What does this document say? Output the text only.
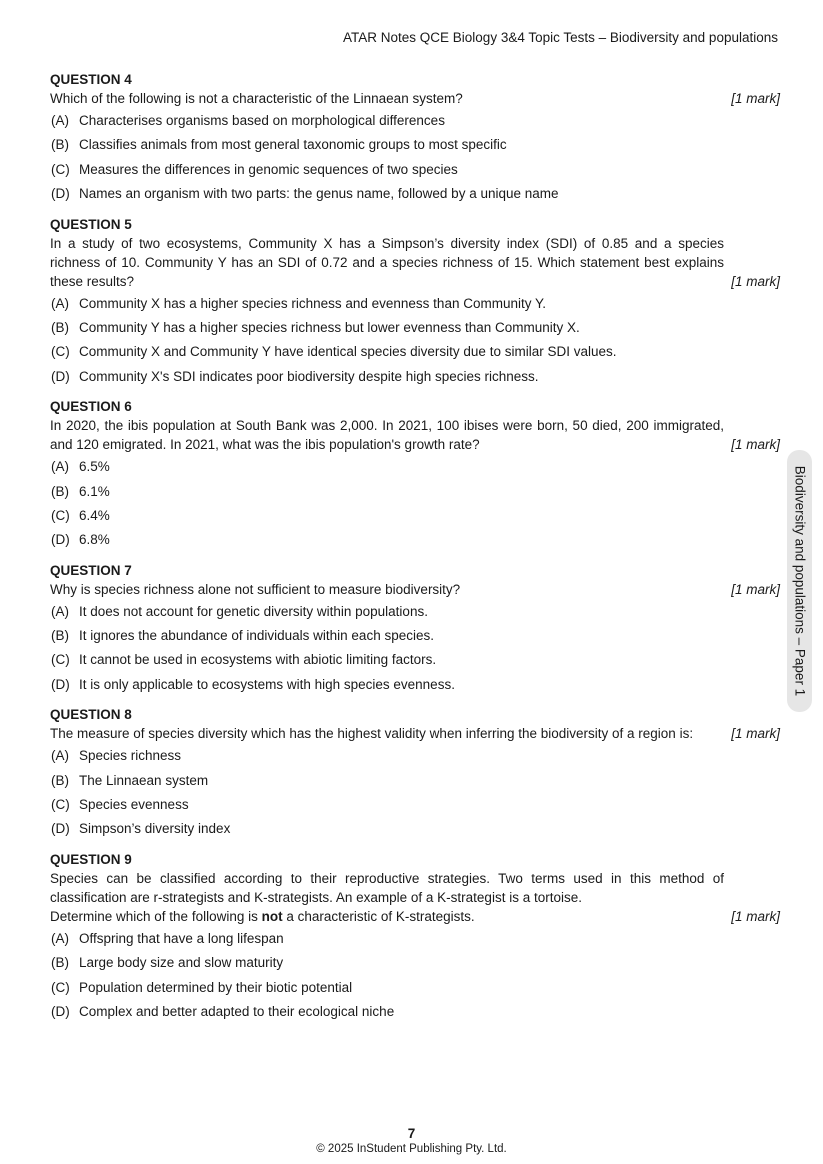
ATAR Notes QCE Biology 3&4 Topic Tests – Biodiversity and populations
QUESTION 4

Which of the following is not a characteristic of the Linnaean system?	[1 mark]
(A) Characterises organisms based on morphological differences
(B) Classifies animals from most general taxonomic groups to most specific
(C) Measures the differences in genomic sequences of two species
(D) Names an organism with two parts: the genus name, followed by a unique name
QUESTION 5

In a study of two ecosystems, Community X has a Simpson’s diversity index (SDI) of 0.85 and a species richness of 10. Community Y has an SDI of 0.72 and a species richness of 15. Which statement best explains these results?	[1 mark]
(A) Community X has a higher species richness and evenness than Community Y.
(B) Community Y has a higher species richness but lower evenness than Community X.
(C) Community X and Community Y have identical species diversity due to similar SDI values.
(D) Community X's SDI indicates poor biodiversity despite high species richness.
QUESTION 6

In 2020, the ibis population at South Bank was 2,000. In 2021, 100 ibises were born, 50 died, 200 immigrated, and 120 emigrated. In 2021, what was the ibis population's growth rate?	[1 mark]
(A) 6.5%
(B) 6.1%
(C) 6.4%
(D) 6.8%
QUESTION 7

Why is species richness alone not sufficient to measure biodiversity?	[1 mark]
(A) It does not account for genetic diversity within populations.
(B) It ignores the abundance of individuals within each species.
(C) It cannot be used in ecosystems with abiotic limiting factors.
(D) It is only applicable to ecosystems with high species evenness.
QUESTION 8

The measure of species diversity which has the highest validity when inferring the biodiversity of a region is:	[1 mark]
(A) Species richness
(B) The Linnaean system
(C) Species evenness
(D) Simpson’s diversity index
QUESTION 9

Species can be classified according to their reproductive strategies. Two terms used in this method of classification are r-strategists and K-strategists. An example of a K-strategist is a tortoise.

Determine which of the following is not a characteristic of K-strategists.	[1 mark]
(A) Offspring that have a long lifespan
(B) Large body size and slow maturity
(C) Population determined by their biotic potential
(D) Complex and better adapted to their ecological niche
Biodiversity and populations – Paper 1
7
© 2025 InStudent Publishing Pty. Ltd.
